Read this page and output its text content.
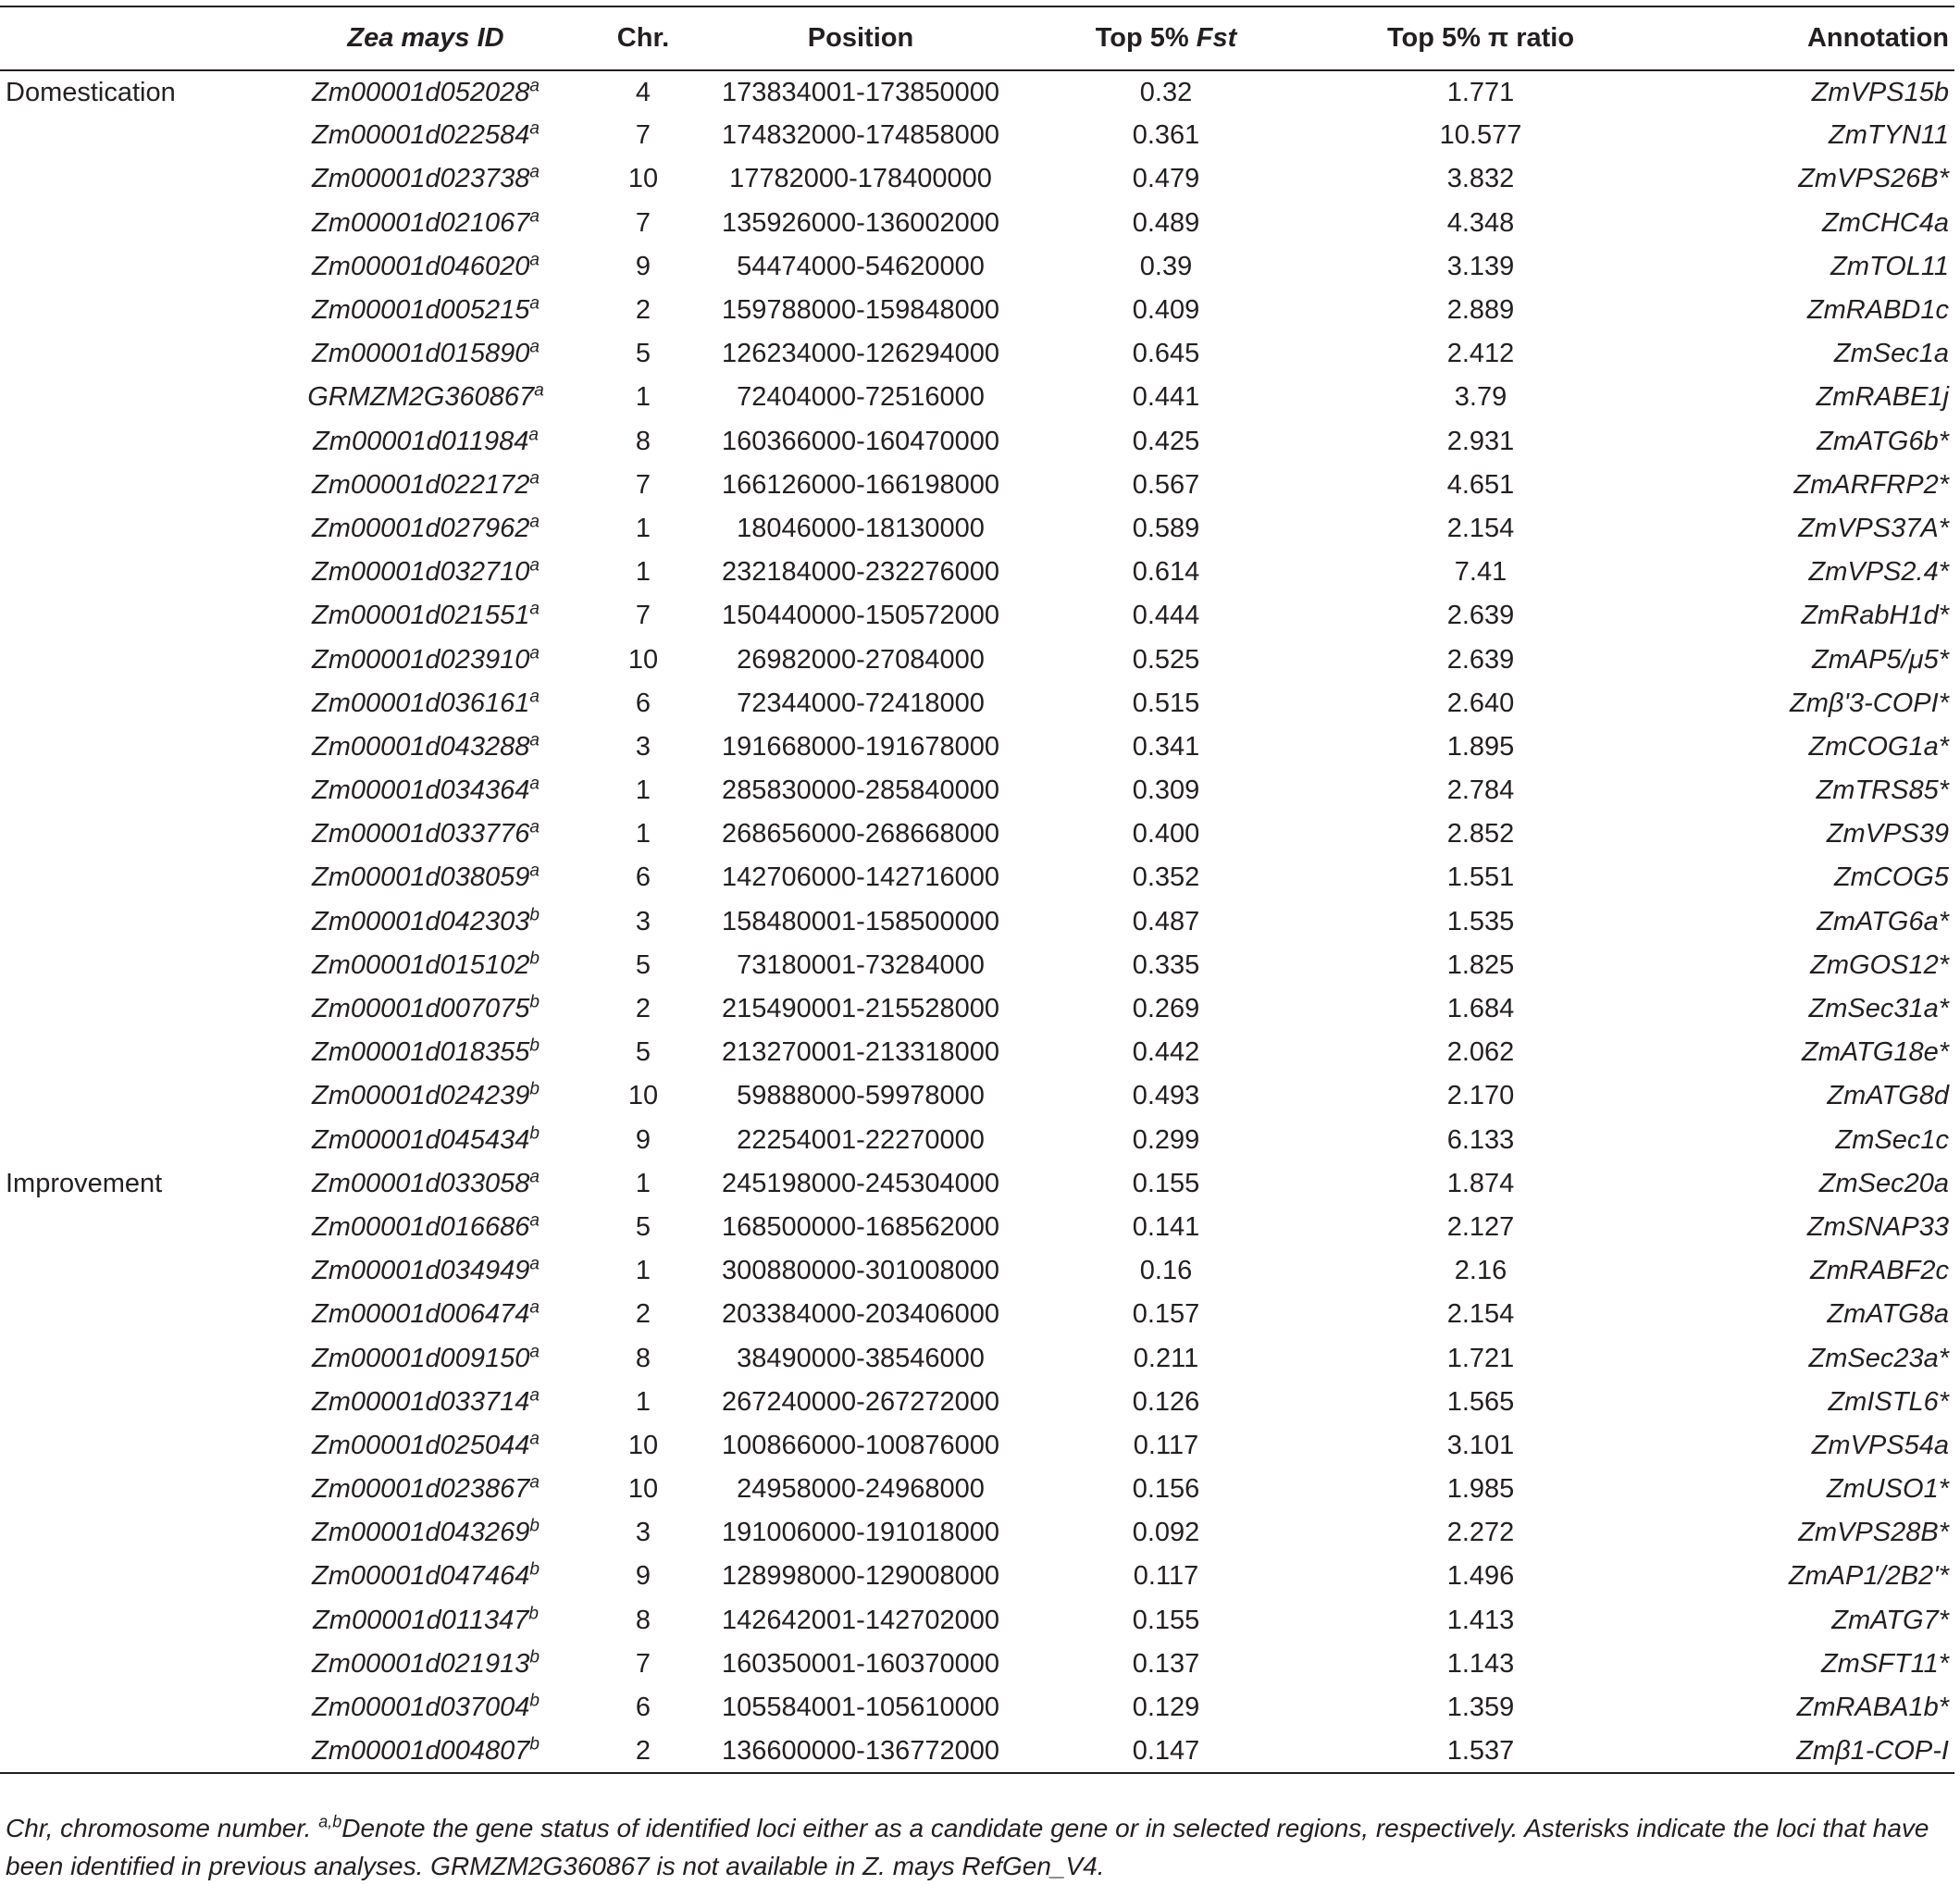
	Zea mays ID	Chr.	Position	Top 5% Fst	Top 5% π ratio	Annotation
Domestication	Zm00001d052028$^a$	4	173834001-173850000	0.32	1.771	ZmVPS15b
	Zm00001d022584$^a$	7	174832000-174858000	0.361	10.577	ZmTYN11
	Zm00001d023738$^a$	10	17782000-178400000	0.479	3.832	ZmVPS26B*
	Zm00001d021067$^a$	7	135926000-136002000	0.489	4.348	ZmCHC4a
	Zm00001d046020$^a$	9	54474000-54620000	0.39	3.139	ZmTOL11
	Zm00001d005215$^a$	2	159788000-159848000	0.409	2.889	ZmRABD1c
	Zm00001d015890$^a$	5	126234000-126294000	0.645	2.412	ZmSec1a
	GRMZM2G360867$^a$	1	72404000-72516000	0.441	3.79	ZmRABE1j
	Zm00001d011984$^a$	8	160366000-160470000	0.425	2.931	ZmATG6b*
	Zm00001d022172$^a$	7	166126000-166198000	0.567	4.651	ZmARFRP2*
	Zm00001d027962$^a$	1	18046000-18130000	0.589	2.154	ZmVPS37A*
	Zm00001d032710$^a$	1	232184000-232276000	0.614	7.41	ZmVPS2.4*
	Zm00001d021551$^a$	7	150440000-150572000	0.444	2.639	ZmRabH1d*
	Zm00001d023910$^a$	10	26982000-27084000	0.525	2.639	ZmAP5/μ5*
	Zm00001d036161$^a$	6	72344000-72418000	0.515	2.640	Zmβ'3-COPI*
	Zm00001d043288$^a$	3	191668000-191678000	0.341	1.895	ZmCOG1a*
	Zm00001d034364$^a$	1	285830000-285840000	0.309	2.784	ZmTRS85*
	Zm00001d033776$^a$	1	268656000-268668000	0.400	2.852	ZmVPS39
	Zm00001d038059$^a$	6	142706000-142716000	0.352	1.551	ZmCOG5
	Zm00001d042303$^b$	3	158480001-158500000	0.487	1.535	ZmATG6a*
	Zm00001d015102$^b$	5	73180001-73284000	0.335	1.825	ZmGOS12*
	Zm00001d007075$^b$	2	215490001-215528000	0.269	1.684	ZmSec31a*
	Zm00001d018355$^b$	5	213270001-213318000	0.442	2.062	ZmATG18e*
	Zm00001d024239$^b$	10	59888000-59978000	0.493	2.170	ZmATG8d
	Zm00001d045434$^b$	9	22254001-22270000	0.299	6.133	ZmSec1c
Improvement	Zm00001d033058$^a$	1	245198000-245304000	0.155	1.874	ZmSec20a
	Zm00001d016686$^a$	5	168500000-168562000	0.141	2.127	ZmSNAP33
	Zm00001d034949$^a$	1	300880000-301008000	0.16	2.16	ZmRABF2c
	Zm00001d006474$^a$	2	203384000-203406000	0.157	2.154	ZmATG8a
	Zm00001d009150$^a$	8	38490000-38546000	0.211	1.721	ZmSec23a*
	Zm00001d033714$^a$	1	267240000-267272000	0.126	1.565	ZmISTL6*
	Zm00001d025044$^a$	10	100866000-100876000	0.117	3.101	ZmVPS54a
	Zm00001d023867$^a$	10	24958000-24968000	0.156	1.985	ZmUSO1*
	Zm00001d043269$^b$	3	191006000-191018000	0.092	2.272	ZmVPS28B*
	Zm00001d047464$^b$	9	128998000-129008000	0.117	1.496	ZmAP1/2B2'*
	Zm00001d011347$^b$	8	142642001-142702000	0.155	1.413	ZmATG7*
	Zm00001d021913$^b$	7	160350001-160370000	0.137	1.143	ZmSFT11*
	Zm00001d037004$^b$	6	105584001-105610000	0.129	1.359	ZmRABA1b*
	Zm00001d004807$^b$	2	136600000-136772000	0.147	1.537	Zmβ1-COP-I
Chr, chromosome number. $^{a,b}$Denote the gene status of identified loci either as a candidate gene or in selected regions, respectively. Asterisks indicate the loci that have been identified in previous analyses. GRMZM2G360867 is not available in Z. mays RefGen_V4.
